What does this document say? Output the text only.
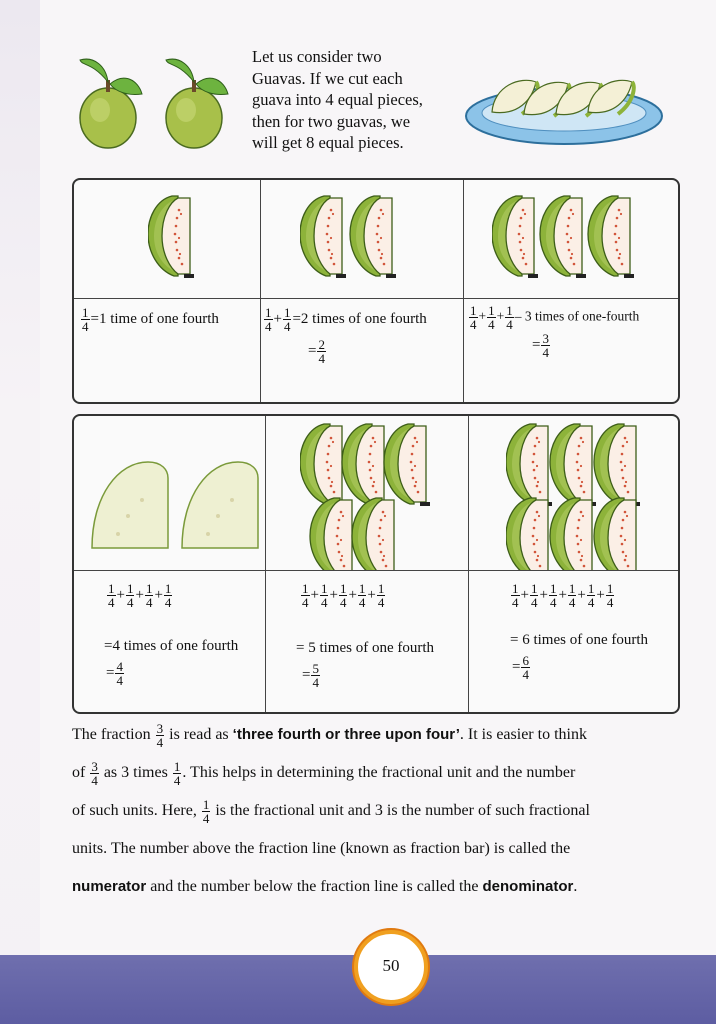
Let us consider two
Guavas. If we cut each
guava into 4 equal pieces,
then for two guavas, we
will get 8 equal pieces.
$\frac{1}{4} =1$ time of one fourth	$\frac{1}{4} + \frac{1}{4} =2$ times of one fourth
= $\frac{2}{4}$
$\frac{1}{4} + \frac{1}{4} + \frac{1}{4} - 3$ times of one-fourth
= $\frac{3}{4}$
$\frac{1}{4} + \frac{1}{4} + \frac{1}{4} + \frac{1}{4}$
=4 times of one fourth
= $\frac{4}{4}$
$\frac{1}{4} + \frac{1}{4} + \frac{1}{4} + \frac{1}{4} + \frac{1}{4}$
= 5 times of one fourth
= $\frac{5}{4}$
$\frac{1}{4} + \frac{1}{4} + \frac{1}{4} + \frac{1}{4} + \frac{1}{4} + \frac{1}{4}$
= 6 times of one fourth
= $\frac{6}{4}$
The fraction $\frac{3}{4}$ is read as ‘three fourth or three upon four’. It is easier to think
of $\frac{3}{4}$ as 3 times $\frac{1}{4}$ . This helps in determining the fractional unit and the number
of such units. Here, $\frac{1}{4}$ is the fractional unit and 3 is the number of such fractional
units. The number above the fraction line (known as fraction bar) is called the
numerator and the number below the fraction line is called the denominator.
50
